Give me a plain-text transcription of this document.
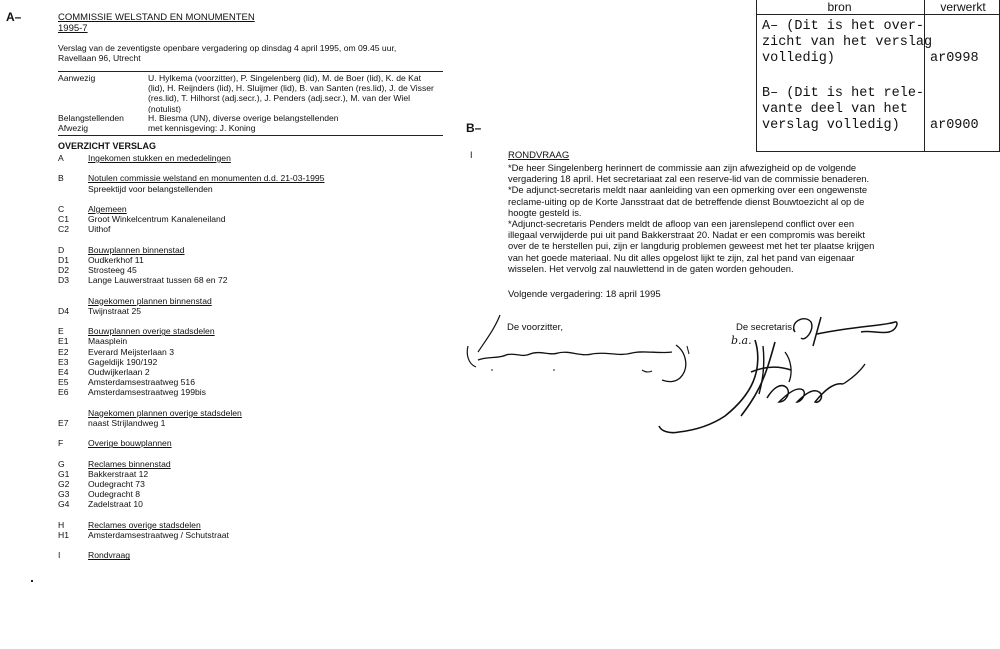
A–	COMMISSIE WELSTAND EN MONUMENTEN
1995-7
Verslag van de zeventigste openbare vergadering op dinsdag 4 april 1995, om 09.45 uur,
Ravellaan 96, Utrecht
Aanwezig	U. Hylkema (voorzitter), P. Singelenberg (lid), M. de Boer (lid), K. de Kat (lid), H. Reijnders (lid), H. Sluijmer (lid), B. van Santen (res.lid), J. de Visser (res.lid), T. Hilhorst (adj.secr.), J. Penders (adj.secr.), M. van der Wiel (notulist)
Belangstellenden	H. Biesma (UN), diverse overige belangstellenden
Afwezig	met kennisgeving: J. Koning
OVERZICHT VERSLAG
A	Ingekomen stukken en mededelingen
B	Notulen commissie welstand en monumenten d.d. 21-03-1995
Spreektijd voor belangstellenden
C	Algemeen
C1	Groot Winkelcentrum Kanaleneiland
C2	Uithof
D	Bouwplannen binnenstad
D1	Oudkerkhof 11
D2	Strosteeg 45
D3	Lange Lauwerstraat tussen 68 en 72
Nagekomen plannen binnenstad
D4	Twijnstraat 25
E	Bouwplannen overige stadsdelen
E1	Maasplein
E2	Everard Meijsterlaan 3
E3	Gageldijk 190/192
E4	Oudwijkerlaan 2
E5	Amsterdamsestraatweg 516
E6	Amsterdamsestraatweg 199bis
Nagekomen plannen overige stadsdelen
E7	naast Strijlandweg 1
F	Overige bouwplannen
G	Reclames binnenstad
G1	Bakkerstraat 12
G2	Oudegracht 73
G3	Oudegracht 8
G4	Zadelstraat 10
H	Reclames overige stadsdelen
H1	Amsterdamsestraatweg / Schutstraat
I	Rondvraag
B–
I	RONDVRAAG
*De heer Singelenberg herinnert de commissie aan zijn afwezigheid op de volgende
vergadering 18 april. Het secretariaat zal een reserve-lid van de commissie benaderen.
*De adjunct-secretaris meldt naar aanleiding van een opmerking over een ongewenste
reclame-uiting op de Korte Jansstraat dat de betreffende dienst Bouwtoezicht al op de
hoogte gesteld is.
*Adjunct-secretaris Penders meldt de afloop van een jarenslepend conflict over een
illegaal verwijderde pui uit pand Bakkerstraat 20. Nadat er een compromis was bereikt
over de te herstellen pui, zijn er langdurig problemen geweest met het ter plaatse krijgen
van het goede materiaal. Nu dit alles opgelost lijkt te zijn, zal het pand van eigenaar
wisselen. Het vervolg zal nauwlettend in de gaten worden gehouden.
Volgende vergadering: 18 april 1995
De voorzitter,	De secretaris,
b.a.
bron	verwerkt
A– (Dit is het over-
zicht van het verslag
volledig)	ar0998
B– (Dit is het rele-
vante deel van het
verslag volledig)	ar0900
